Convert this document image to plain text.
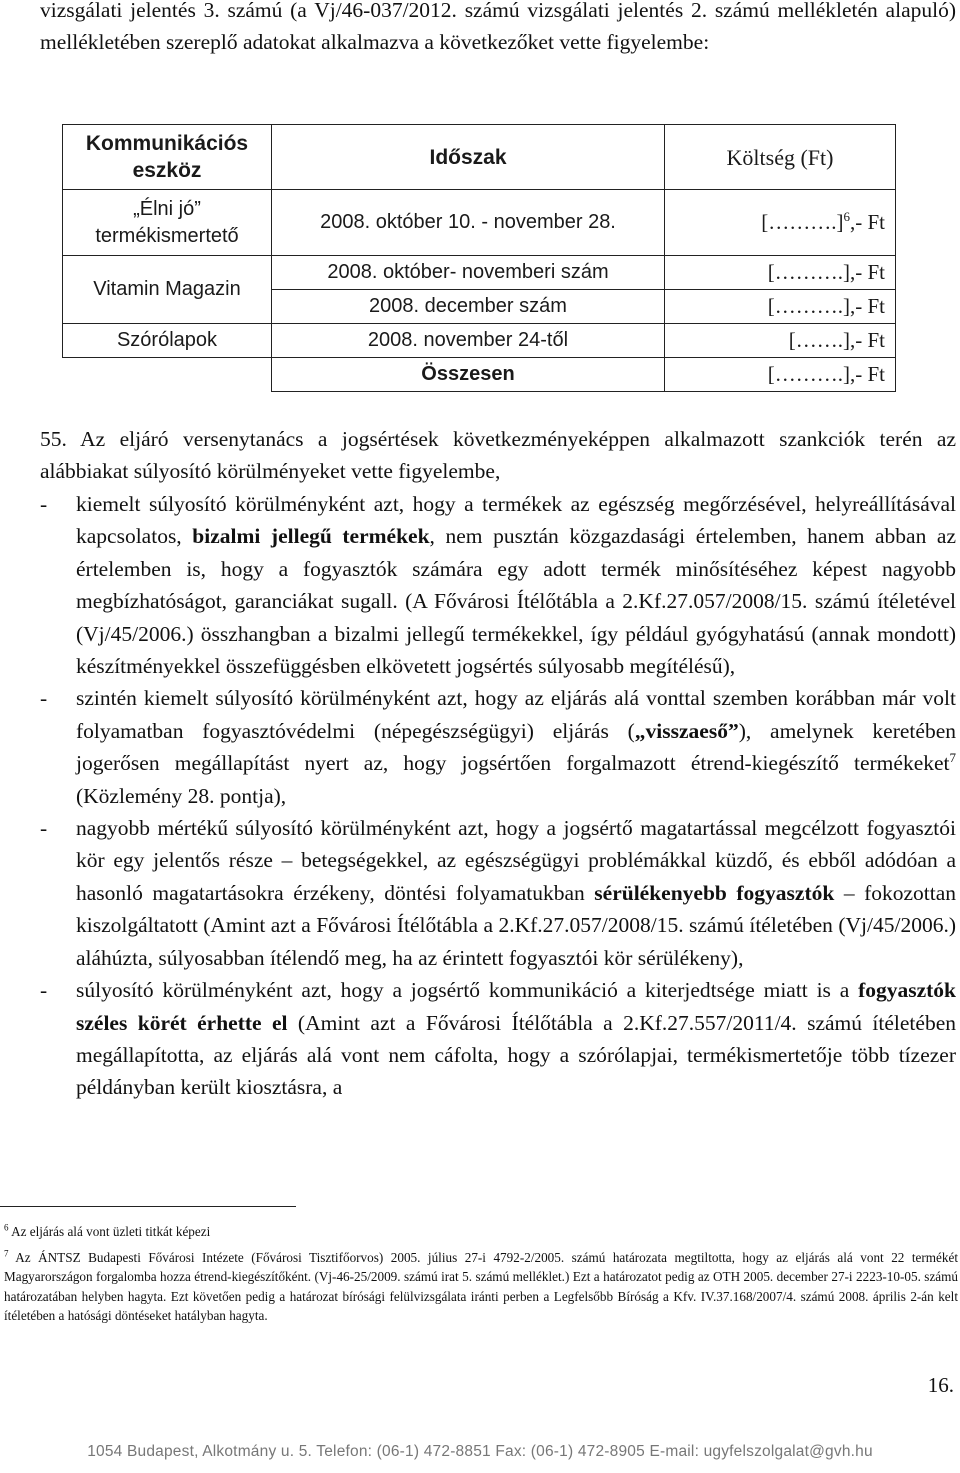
vizsgálati jelentés 3. számú (a Vj/46-037/2012. számú vizsgálati jelentés 2. számú mellékletén alapuló) mellékletében szereplő adatokat alkalmazva a következőket vette figyelembe:

Kommunikációs eszköz	Időszak	Költség (Ft)
„Élni jó” termékismertető	2008. október 10. - november 28.	[……….]$^6$,- Ft
Vitamin Magazin	2008. október- novemberi szám	[……….],- Ft
	2008. december szám	[……….],- Ft
Szórólapok	2008. november 24-től	[…….],- Ft
	Összesen	[……….],- Ft

55. Az eljáró versenytanács a jogsértések következményeképpen alkalmazott szankciók terén az alábbiakat súlyosító körülményeket vette figyelembe,

- kiemelt súlyosító körülményként azt, hogy a termékek az egészség megőrzésével, helyreállításával kapcsolatos, bizalmi jellegű termékek, nem pusztán közgazdasági értelemben, hanem abban az értelemben is, hogy a fogyasztók számára egy adott termék minősítéséhez képest nagyobb megbízhatóságot, garanciákat sugall. (A Fővárosi Ítélőtábla a 2.Kf.27.057/2008/15. számú ítéletével (Vj/45/2006.) összhangban a bizalmi jellegű termékekkel, így például gyógyhatású (annak mondott) készítményekkel összefüggésben elkövetett jogsértés súlyosabb megítélésű),
- szintén kiemelt súlyosító körülményként azt, hogy az eljárás alá vonttal szemben korábban már volt folyamatban fogyasztóvédelmi (népegészségügyi) eljárás („visszaeső”), amelynek keretében jogerősen megállapítást nyert az, hogy jogsértően forgalmazott étrend-kiegészítő termékeket$^7$ (Közlemény 28. pontja),
- nagyobb mértékű súlyosító körülményként azt, hogy a jogsértő magatartással megcélzott fogyasztói kör egy jelentős része – betegségekkel, az egészségügyi problémákkal küzdő, és ebből adódóan a hasonló magatartásokra érzékeny, döntési folyamatukban sérülékenyebb fogyasztók – fokozottan kiszolgáltatott (Amint azt a Fővárosi Ítélőtábla a 2.Kf.27.057/2008/15. számú ítéletében (Vj/45/2006.) aláhúzta, súlyosabban ítélendő meg, ha az érintett fogyasztói kör sérülékeny),
- súlyosító körülményként azt, hogy a jogsértő kommunikáció a kiterjedtsége miatt is a fogyasztók széles körét érhette el (Amint azt a Fővárosi Ítélőtábla a 2.Kf.27.557/2011/4. számú ítéletében megállapította, az eljárás alá vont nem cáfolta, hogy a szórólapjai, termékismertetője több tízezer példányban került kiosztásra, a

$^6$ Az eljárás alá vont üzleti titkát képezi

$^7$ Az ÁNTSZ Budapesti Fővárosi Intézete (Fővárosi Tisztifőorvos) 2005. július 27-i 4792-2/2005. számú határozata megtiltotta, hogy az eljárás alá vont 22 termékét Magyarországon forgalomba hozza étrend-kiegészítőként. (Vj-46-25/2009. számú irat 5. számú melléklet.) Ezt a határozatot pedig az OTH 2005. december 27-i 2223-10-05. számú határozatában helyben hagyta. Ezt követően pedig a határozat bírósági felülvizsgálata iránti perben a Legfelsőbb Bíróság a Kfv. IV.37.168/2007/4. számú 2008. április 2-án kelt ítéletében a hatósági döntéseket hatályban hagyta.

16.
1054 Budapest, Alkotmány u. 5. Telefon: (06-1) 472-8851 Fax: (06-1) 472-8905 E-mail: ugyfelszolgalat@gvh.hu
